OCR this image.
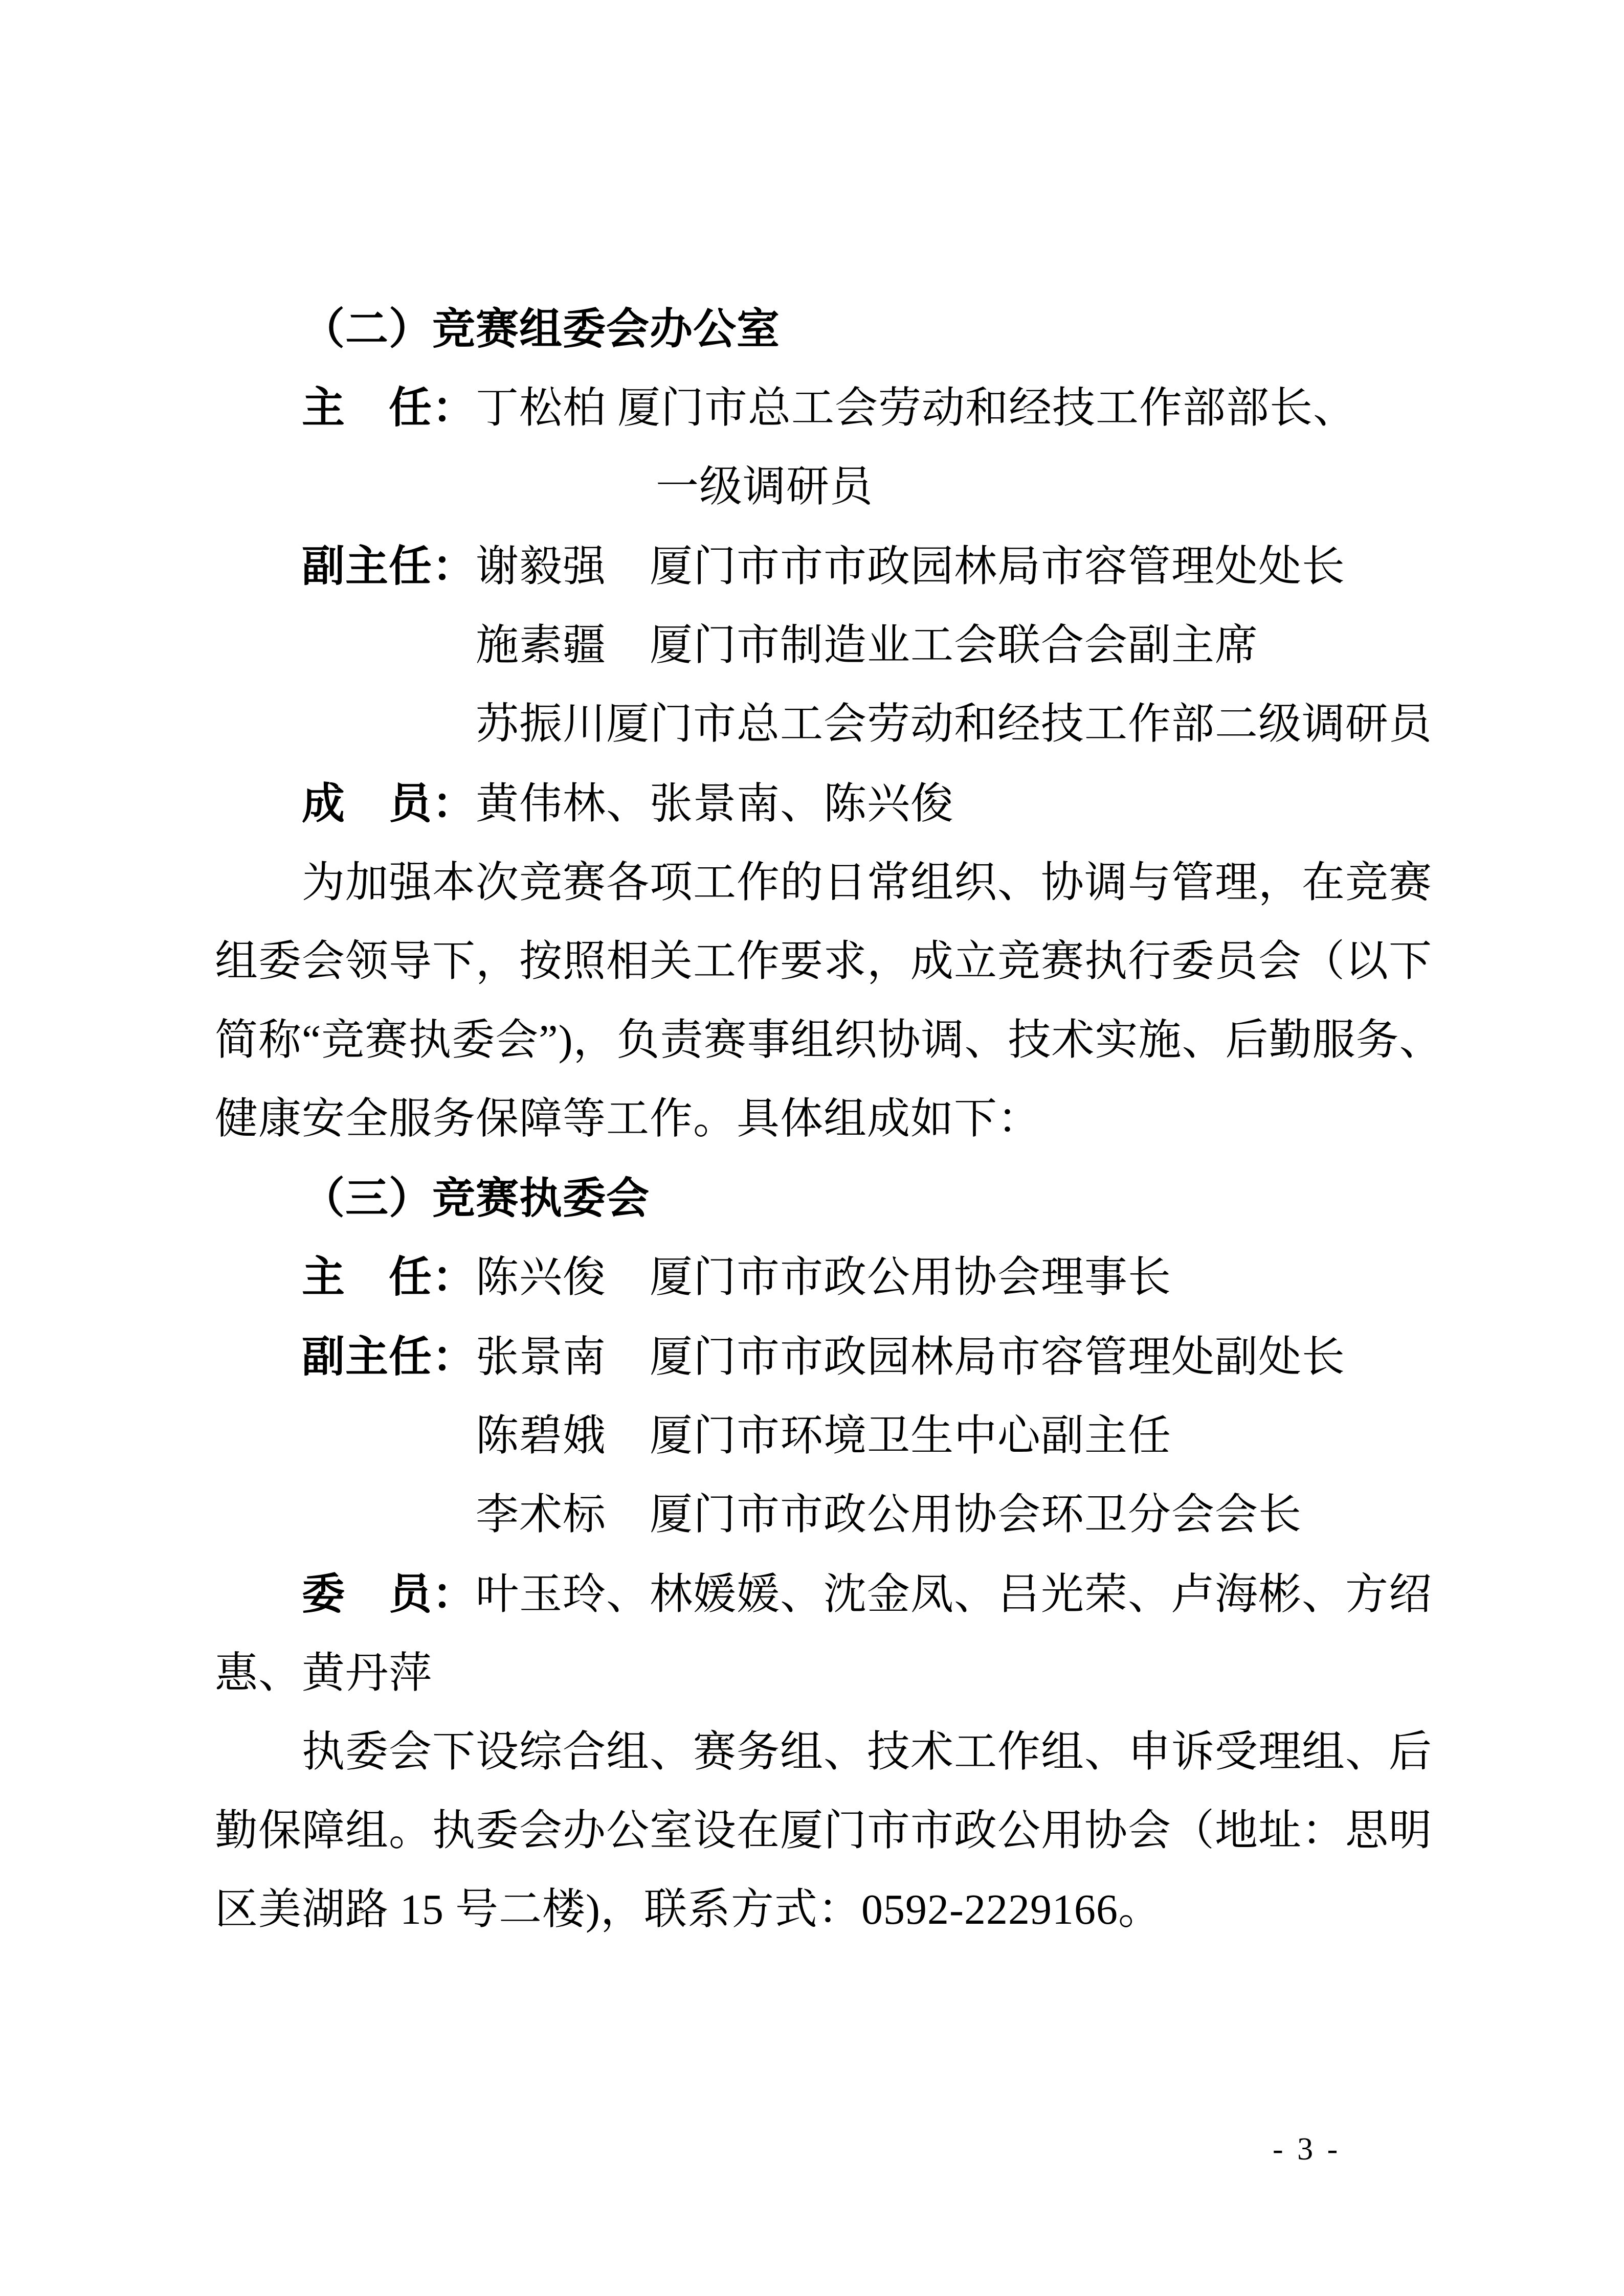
（二）竞赛组委会办公室
主　任：丁松柏 厦门市总工会劳动和经技工作部部长、
一级调研员
副主任：谢毅强　厦门市市市政园林局市容管理处处长
施素疆　厦门市制造业工会联合会副主席
苏振川厦门市总工会劳动和经技工作部二级调研员
成　员：黄伟林、张景南、陈兴俊
为加强本次竞赛各项工作的日常组织、协调与管理，在竞赛
组委会领导下，按照相关工作要求，成立竞赛执行委员会（以下
简称“竞赛执委会”)，负责赛事组织协调、技术实施、后勤服务、
健康安全服务保障等工作。具体组成如下：
（三）竞赛执委会
主　任：陈兴俊　厦门市市政公用协会理事长
副主任：张景南　厦门市市政园林局市容管理处副处长
陈碧娥　厦门市环境卫生中心副主任
李术标　厦门市市政公用协会环卫分会会长
委　员：叶玉玲、林媛媛、沈金凤、吕光荣、卢海彬、方绍
惠、黄丹萍
执委会下设综合组、赛务组、技术工作组、申诉受理组、后
勤保障组。执委会办公室设在厦门市市政公用协会（地址：思明
区美湖路 15 号二楼)，联系方式：0592-2229166。
- 3 -
